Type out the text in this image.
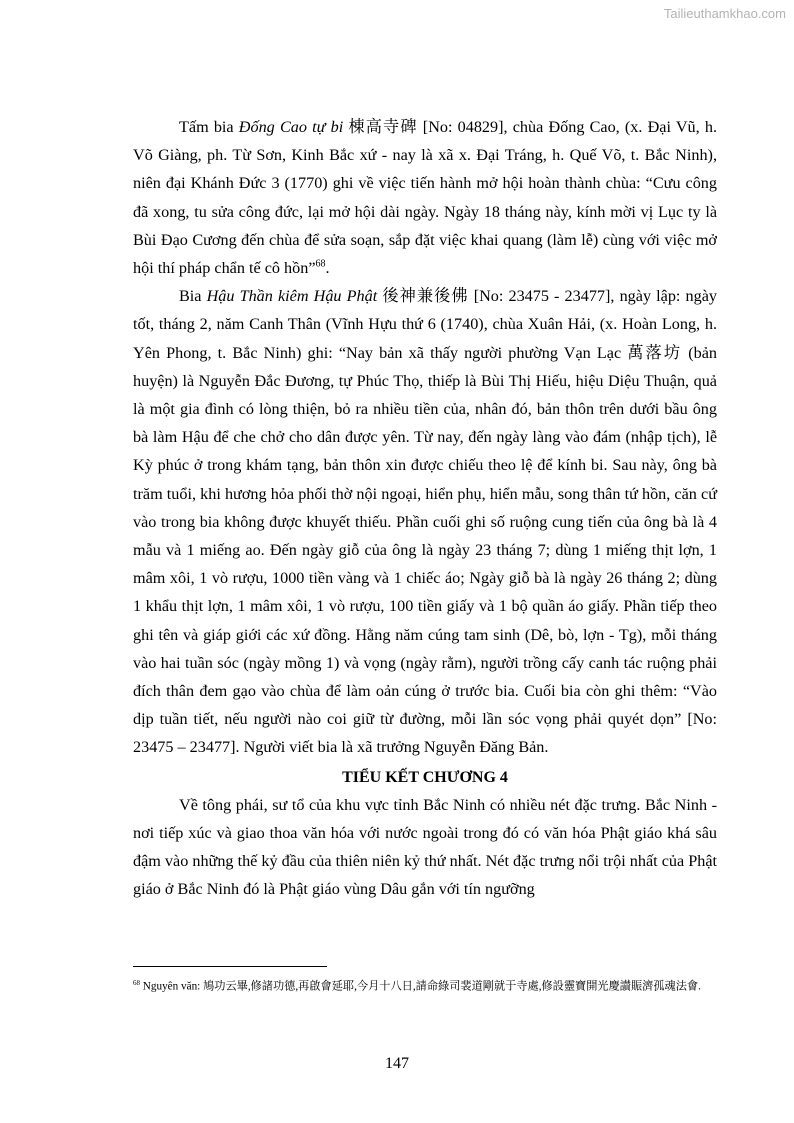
Tailieuthamkhao.com

Tấm bia Đống Cao tự bi 棟高寺碑 [No: 04829], chùa Đống Cao, (x. Đại Vũ, h. Võ Giàng, ph. Từ Sơn, Kinh Bắc xứ - nay là xã x. Đại Tráng, h. Quế Võ, t. Bắc Ninh), niên đại Khánh Đức 3 (1770) ghi về việc tiến hành mở hội hoàn thành chùa: “Cưu công đã xong, tu sửa công đức, lại mở hội dài ngày. Ngày 18 tháng này, kính mời vị Lục ty là Bùi Đạo Cương đến chùa để sửa soạn, sắp đặt việc khai quang (làm lễ) cùng với việc mở hội thí pháp chẩn tế cô hồn”$^{68}$.

Bia Hậu Thần kiêm Hậu Phật 後神兼後佛 [No: 23475 - 23477], ngày lập: ngày tốt, tháng 2, năm Canh Thân (Vĩnh Hựu thứ 6 (1740), chùa Xuân Hải, (x. Hoàn Long, h. Yên Phong, t. Bắc Ninh) ghi: “Nay bản xã thấy người phường Vạn Lạc 萬落坊 (bản huyện) là Nguyễn Đắc Đương, tự Phúc Thọ, thiếp là Bùi Thị Hiếu, hiệu Diệu Thuận, quả là một gia đình có lòng thiện, bỏ ra nhiều tiền của, nhân đó, bản thôn trên dưới bầu ông bà làm Hậu để che chở cho dân được yên. Từ nay, đến ngày làng vào đám (nhập tịch), lễ Kỳ phúc ở trong khám tạng, bản thôn xin được chiếu theo lệ để kính bi. Sau này, ông bà trăm tuổi, khi hương hỏa phối thờ nội ngoại, hiển phụ, hiển mẫu, song thân tứ hồn, căn cứ vào trong bia không được khuyết thiếu. Phần cuối ghi số ruộng cung tiến của ông bà là 4 mẫu và 1 miếng ao. Đến ngày giỗ của ông là ngày 23 tháng 7; dùng 1 miếng thịt lợn, 1 mâm xôi, 1 vò rượu, 1000 tiền vàng và 1 chiếc áo; Ngày giỗ bà là ngày 26 tháng 2; dùng 1 khẩu thịt lợn, 1 mâm xôi, 1 vò rượu, 100 tiền giấy và 1 bộ quần áo giấy. Phần tiếp theo ghi tên và giáp giới các xứ đồng. Hằng năm cúng tam sinh (Dê, bò, lợn - Tg), mỗi tháng vào hai tuần sóc (ngày mồng 1) và vọng (ngày rằm), người trồng cấy canh tác ruộng phải đích thân đem gạo vào chùa để làm oản cúng ở trước bia. Cuối bia còn ghi thêm: “Vào dịp tuần tiết, nếu người nào coi giữ từ đường, mỗi lần sóc vọng phải quyét dọn” [No: 23475 – 23477]. Người viết bia là xã trưởng Nguyễn Đăng Bản.

TIỂU KẾT CHƯƠNG 4

Về tông phái, sư tổ của khu vực tỉnh Bắc Ninh có nhiều nét đặc trưng. Bắc Ninh - nơi tiếp xúc và giao thoa văn hóa với nước ngoài trong đó có văn hóa Phật giáo khá sâu đậm vào những thế kỷ đầu của thiên niên kỷ thứ nhất. Nét đặc trưng nổi trội nhất của Phật giáo ở Bắc Ninh đó là Phật giáo vùng Dâu gắn với tín ngưỡng

$^{68}$ Nguyên văn: 鳩功云畢,修諸功德,再啟會延耶,今月十八日,請命綠司裴道剛就于寺處,修設靈寶開光慶讃賑濟孤魂法會.
147
